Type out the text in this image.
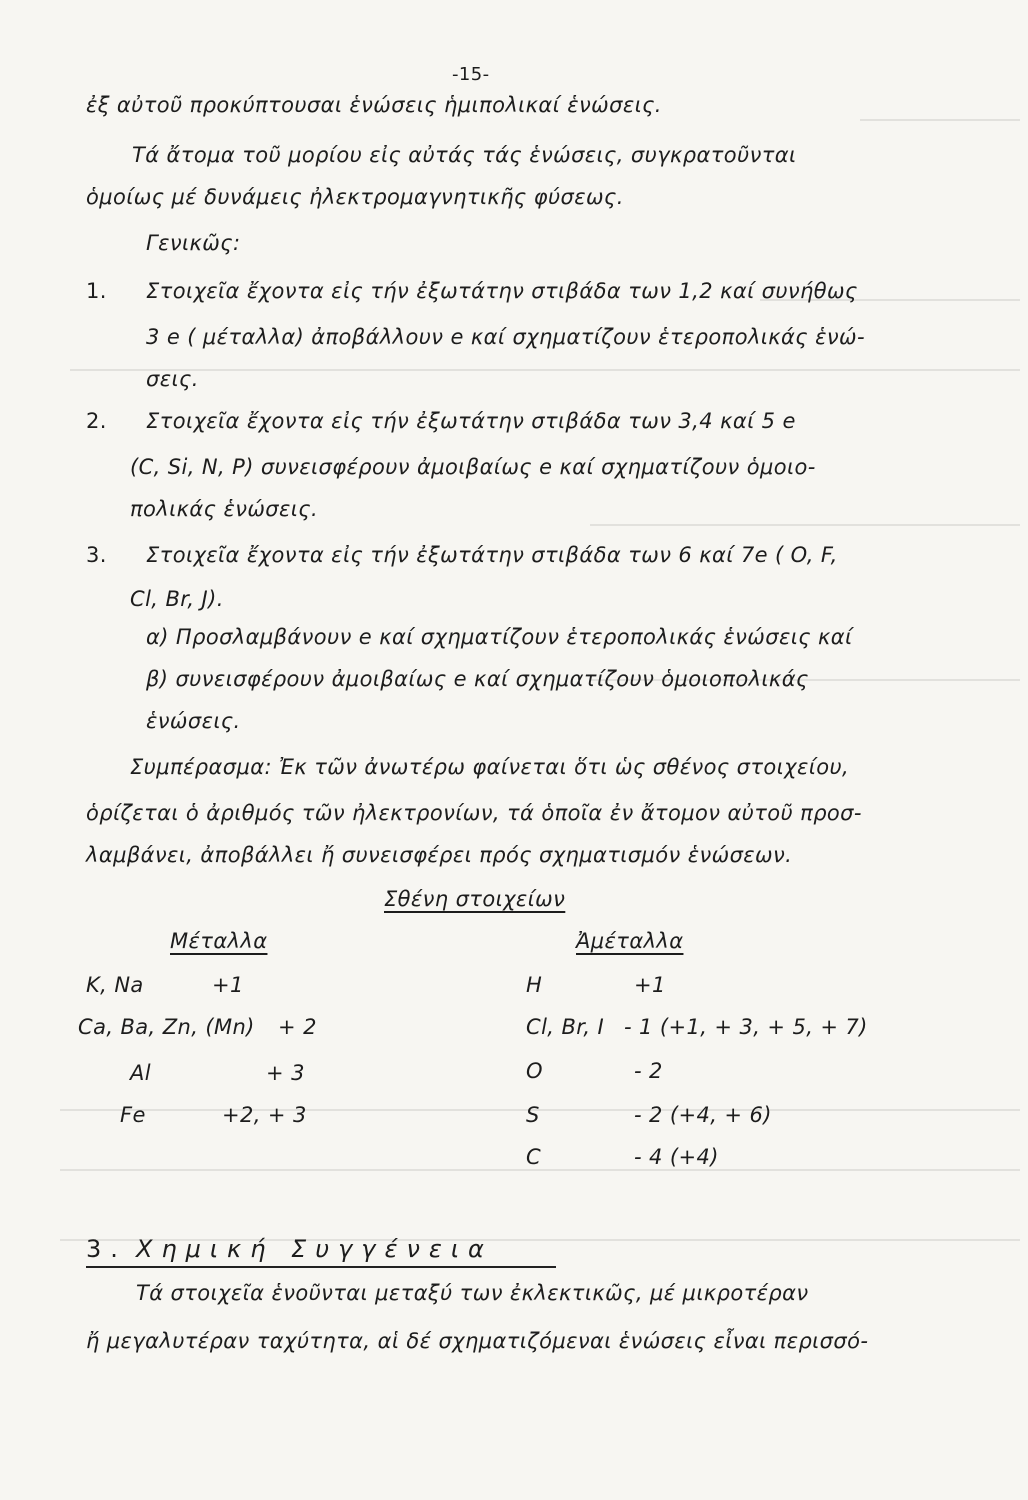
-15-
ἐξ αὐτοῦ προκύπτουσαι ἑνώσεις ἡμιπολικαί ἑνώσεις.
Τά ἄτομα τοῦ μορίου εἰς αὐτάς τάς ἑνώσεις, συγκρατοῦνται
ὁμοίως μέ δυνάμεις ἠλεκτρομαγνητικῆς φύσεως.
Γενικῶς:
1. Στοιχεῖα ἔχοντα εἰς τήν ἐξωτάτην στιβάδα των 1,2 καί συνήθως
3 e ( μέταλλα) ἀποβάλλουν e καί σχηματίζουν ἑτεροπολικάς ἑνώ-
σεις.
2. Στοιχεῖα ἔχοντα εἰς τήν ἐξωτάτην στιβάδα των 3,4 καί 5 e
(C, Si, N, P) συνεισφέρουν ἀμοιβαίως e καί σχηματίζουν ὁμοιο-
πολικάς ἑνώσεις.
3. Στοιχεῖα ἔχοντα εἰς τήν ἐξωτάτην στιβάδα των 6 καί 7e ( O, F,
Cl, Br, J).
α) Προσλαμβάνουν e καί σχηματίζουν ἑτεροπολικάς ἑνώσεις καί
β) συνεισφέρουν ἀμοιβαίως e καί σχηματίζουν ὁμοιοπολικάς
ἑνώσεις.
Συμπέρασμα: Ἐκ τῶν ἀνωτέρω φαίνεται ὅτι ὡς σθένος στοιχείου,
ὁρίζεται ὁ ἀριθμός τῶν ἠλεκτρονίων, τά ὁποῖα ἐν ἄτομον αὐτοῦ προσ-
λαμβάνει, ἀποβάλλει ἤ συνεισφέρει πρός σχηματισμόν ἑνώσεων.
Σθένη στοιχείων
Μέταλλα	Ἀμέταλλα
K, Na	+1
Ca, Ba, Zn, (Mn) + 2
Al	+ 3
Fe	+2, + 3
H	+1
Cl, Br, I - 1 (+1, + 3, + 5, + 7)
O	- 2
S	- 2 (+4, + 6)
C	- 4 (+4)
3. Χημική Συγγένεια
Τά στοιχεῖα ἑνοῦνται μεταξύ των ἐκλεκτικῶς, μέ μικροτέραν
ἤ μεγαλυτέραν ταχύτητα, αἱ δέ σχηματιζόμεναι ἑνώσεις εἶναι περισσό-
